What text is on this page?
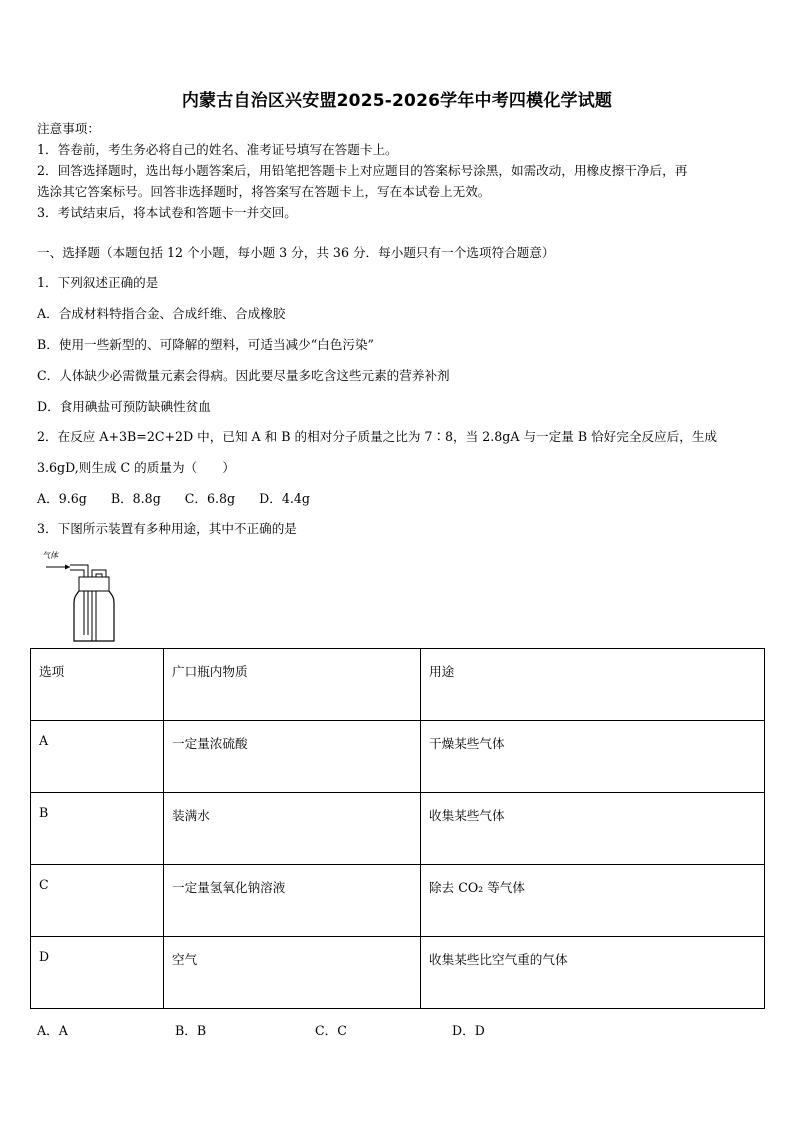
内蒙古自治区兴安盟2025-2026学年中考四模化学试题
注意事项：
1．答卷前，考生务必将自己的姓名、准考证号填写在答题卡上。
2．回答选择题时，选出每小题答案后，用铅笔把答题卡上对应题目的答案标号涂黑，如需改动，用橡皮擦干净后，再
选涂其它答案标号。回答非选择题时，将答案写在答题卡上，写在本试卷上无效。
3．考试结束后，将本试卷和答题卡一并交回。
一、选择题（本题包括 12 个小题，每小题 3 分，共 36 分．每小题只有一个选项符合题意）
1．下列叙述正确的是
A．合成材料特指合金、合成纤维、合成橡胶
B．使用一些新型的、可降解的塑料，可适当减少“白色污染”
C．人体缺少必需微量元素会得病。因此要尽量多吃含这些元素的营养补剂
D．食用碘盐可预防缺碘性贫血
2．在反应 A+3B=2C+2D 中，已知 A 和 B 的相对分子质量之比为 7∶8，当 2.8gA 与一定量 B 恰好完全反应后，生成
3.6gD,则生成 C 的质量为（　　）
A．9.6g B．8.8g C．6.8g D．4.4g
3．下图所示装置有多种用途，其中不正确的是
气体
选项	广口瓶内物质	用途
A	一定量浓硫酸	干燥某些气体
B	装满水	收集某些气体
C	一定量氢氧化钠溶液	除去 CO₂ 等气体
D	空气	收集某些比空气重的气体
A．A	B．B	C．C	D．D
